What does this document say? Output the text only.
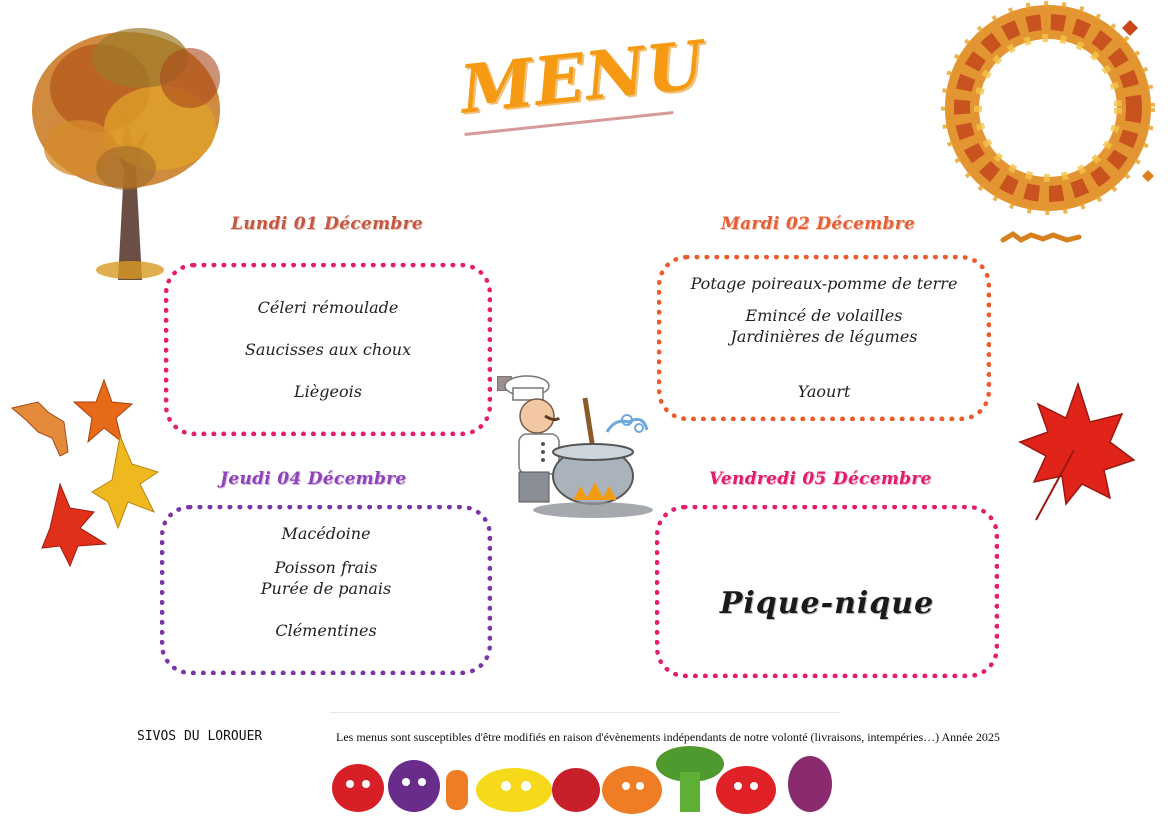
MENU
Lundi 01 Décembre	Mardi 02 Décembre
Jeudi 04 Décembre	Vendredi 05 Décembre
Céleri rémoulade
Saucisses aux choux
Liègeois
Potage poireaux-pomme de terre
Emincé de volailles
Jardinières de légumes
Yaourt
Macédoine
Poisson frais
Purée de panais
Clémentines
Pique-nique
SIVOS DU LOROUER	Les menus sont susceptibles d'être modifiés en raison d'évènements indépendants de notre volonté (livraisons, intempéries…) Année 2025
